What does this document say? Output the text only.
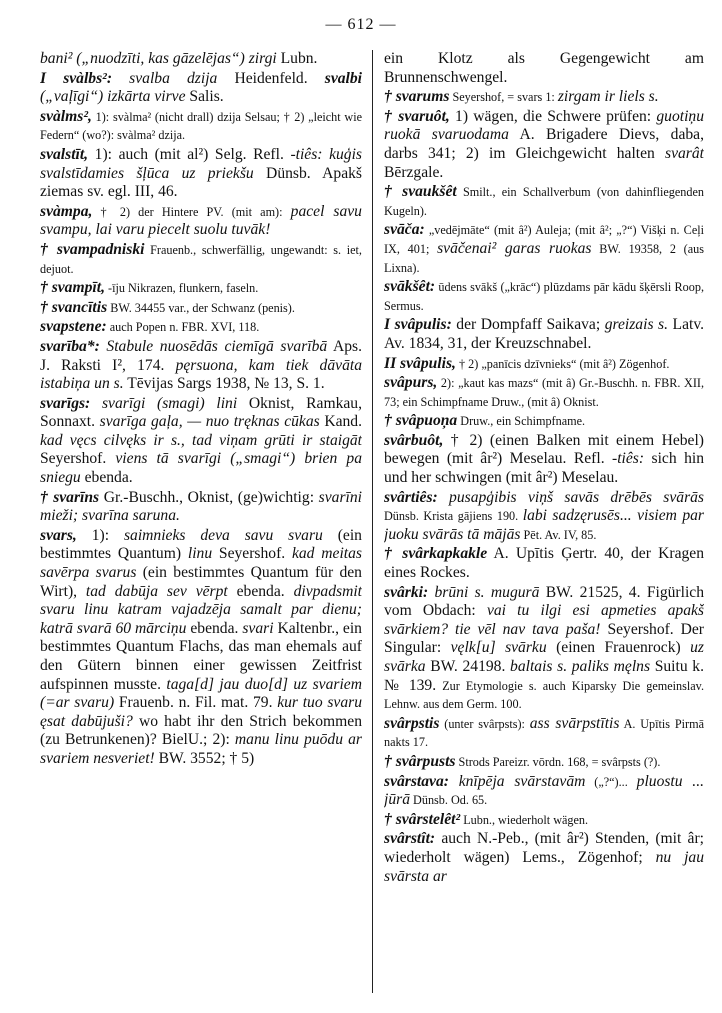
— 612 —

bani² („nuodzīti, kas gāzelējas“) zirgi Lubn.

I svàlbs²: svalba dzija Heidenfeld. svalbi („vaļīgi“) izkārta virve Salis.

svàlms², 1): svàlma² (nicht drall) dzija Selsau; † 2) „leicht wie Federn“ (wo?): svàlma² dzija.

svalstīt, 1): auch (mit al²) Selg. Refl. -tiês: kuģis svalstīdamies šļūca uz priekšu Dünsb. Apakš ziemas sv. egl. III, 46.

svàmpa, † 2) der Hintere PV. (mit am): pacel savu svampu, lai varu piecelt suolu tuvāk!

† svampadniski Frauenb., schwerfällig, ungewandt: s. iet, dejuot.

† svampīt, -īju Nikrazen, flunkern, faseln.

† svancītis BW. 34455 var., der Schwanz (penis).

svapstene: auch Popen n. FBR. XVI, 118.

svarība*: Stabule nuosēdās ciemīgā svarībā Aps. J. Raksti I², 174. pęrsuona, kam tiek dāvāta istabiņa un s. Tēvijas Sargs 1938, № 13, S. 1.

svarīgs: svarīgi (smagi) lini Oknist, Ramkau, Sonnaxt. svarīga gaļa, — nuo tręknas cūkas Kand. kad vęcs cilvęks ir s., tad viņam grūti ir staigāt Seyershof. viens tā svarīgi („smagi“) brien pa sniegu ebenda.

† svarīns Gr.-Buschh., Oknist, (ge)wichtig: svarīni mieži; svarīna saruna.

svars, 1): saimnieks deva savu svaru (ein bestimmtes Quantum) linu Seyershof. kad meitas savērpa svarus (ein bestimmtes Quantum für den Wirt), tad dabūja sev vērpt ebenda. divpadsmit svaru linu katram vajadzēja samalt par dienu; katrā svarā 60 mārciņu ebenda. svari Kaltenbr., ein bestimmtes Quantum Flachs, das man ehemals auf den Gütern binnen einer gewissen Zeitfrist aufspinnen musste. taga[d] jau duo[d] uz svariem (=ar svaru) Frauenb. n. Fil. mat. 79. kur tuo svaru ęsat dabūjuši? wo habt ihr den Strich bekommen (zu Betrunkenen)? BielU.; 2): manu linu puōdu ar svariem nesveriet! BW. 3552; † 5)

ein Klotz als Gegengewicht am Brunnenschwengel.

† svarums Seyershof, = svars 1: zirgam ir liels s.

† svaruôt, 1) wägen, die Schwere prüfen: guotiņu ruokā svaruodama A. Brigadere Dievs, daba, darbs 341; 2) im Gleichgewicht halten svarât Bērzgale.

† svaukšêt Smilt., ein Schallverbum (von dahinfliegenden Kugeln).

svāča: „vedējmāte“ (mit â²) Auleja; (mit â²; „?“) Višķi n. Ceļi IX, 401; svāčenai² garas ruokas BW. 19358, 2 (aus Lixna).

svākšêt: ūdens svākš („krāc“) plūzdams pār kādu šķērsli Roop, Sermus.

I svâpulis: der Dompfaff Saikava; greizais s. Latv. Av. 1834, 31, der Kreuzschnabel.

II svâpulis, † 2) „panīcis dzīvnieks“ (mit â²) Zögenhof.

svâpurs, 2): „kaut kas mazs“ (mit â) Gr.-Buschh. n. FBR. XII, 73; ein Schimpfname Druw., (mit â) Oknist.

† svâpuoņa Druw., ein Schimpfname.

svârbuôt, † 2) (einen Balken mit einem Hebel) bewegen (mit âr²) Meselau. Refl. -tiês: sich hin und her schwingen (mit âr²) Meselau.

svârtiês: pusapģibis viņš savās drēbēs svārās Dünsb. Krista gājiens 190. labi sadzęrusēs... visiem par juoku svārās tā mājās Pēt. Av. IV, 85.

† svârkapkakle A. Upītis Ģertr. 40, der Kragen eines Rockes.

svârki: brūni s. mugurā BW. 21525, 4. Figürlich vom Obdach: vai tu ilgi esi apmeties apakš svārkiem? tie vēl nav tava paša! Seyershof. Der Singular: vęlk[u] svārku (einen Frauenrock) uz svārka BW. 24198. baltais s. paliks męlns Suitu k. № 139. Zur Etymologie s. auch Kiparsky Die gemeinslav. Lehnw. aus dem Germ. 100.

svârpstis (unter svârpsts): ass svārpstītis A. Upītis Pirmā nakts 17.

† svârpusts Strods Pareizr. vōrdn. 168, = svârpsts (?).

svârstava: knīpēja svārstavām („?“)... pluostu ... jūrā Dünsb. Od. 65.

† svârstelêt² Lubn., wiederholt wägen.

svârstît: auch N.-Peb., (mit âr²) Stenden, (mit âr; wiederholt wägen) Lems., Zögenhof; nu jau svārsta ar
